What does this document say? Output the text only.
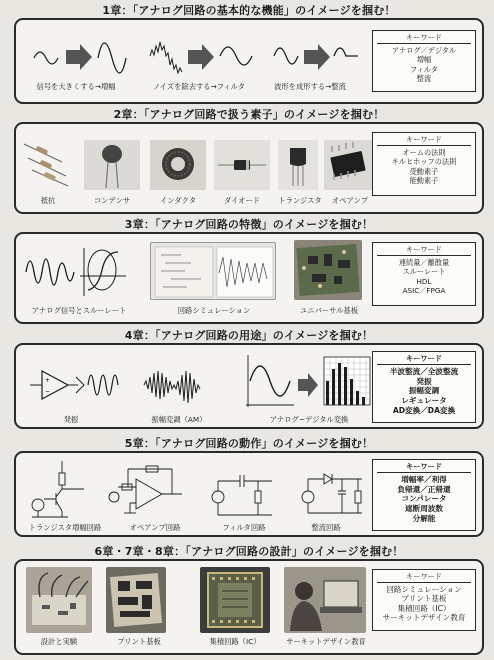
1章：「アナログ回路の基本的な機能」のイメージを掴む！
信号を大きくする→増幅	ノイズを除去する→フィルタ	波形を成形する→整流
キーワード
アナログ／デジタル
増幅
フィルタ
整流
2章：「アナログ回路で扱う素子」のイメージを掴む！
抵抗	コンデンサ	インダクタ	ダイオード	トランジスタ	オペアンプ
キーワード
オームの法則
キルヒホッフの法則
受動素子
能動素子
3章：「アナログ回路の特徴」のイメージを掴む！
アナログ信号とスルーレート	回路シミュレーション	ユニバーサル基板
キーワード
連続量／離散量
スルーレート
HDL
ASIC／FPGA
4章：「アナログ回路の用途」のイメージを掴む！
+
−
発振	振幅変調（AM）	アナログ−デジタル変換
キーワード
半波整流／全波整流
発振
振幅変調
レギュレータ
AD変換／DA変換
5章：「アナログ回路の動作」のイメージを掴む！
トランジスタ増幅回路	オペアンプ回路	フィルタ回路	整流回路
キーワード
増幅率／利得
負帰還／正帰還
コンパレータ
遮断周波数
分解能
6章・7章・8章：「アナログ回路の設計」のイメージを掴む！
設計と実験	プリント基板	集積回路（IC）	サーキットデザイン教育
キーワード
回路シミュレーション
プリント基板
集積回路（IC）
サーキットデザイン教育
